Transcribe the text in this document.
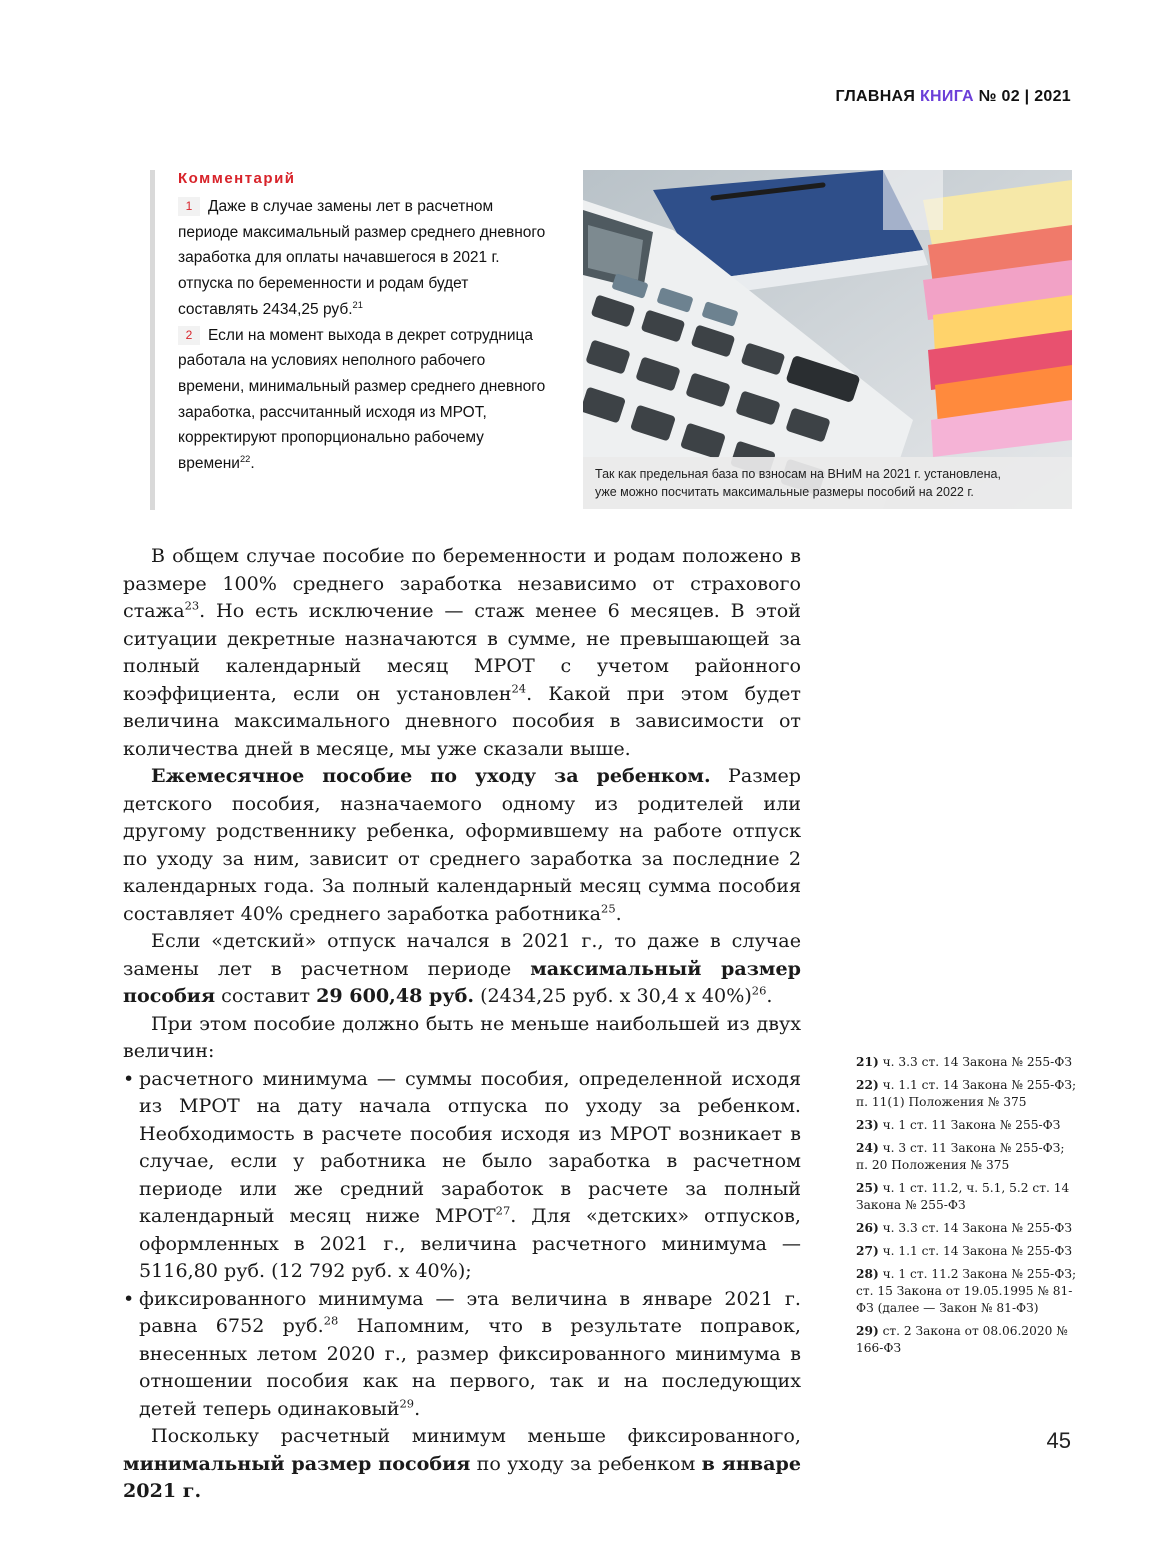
ГЛАВНАЯ КНИГА № 02 | 2021
Комментарий

1 Даже в случае замены лет в расчетном периоде максимальный размер среднего дневного заработка для оплаты начавшегося в 2021 г. отпуска по беременности и родам будет составлять 2434,25 руб.$^{21}$

2 Если на момент выхода в декрет сотрудница работала на условиях неполного рабочего времени, минимальный размер среднего дневного заработка, рассчитанный исходя из МРОТ, корректируют пропорционально рабочему времени$^{22}$.

Так как предельная база по взносам на ВНиМ на 2021 г. установлена,
уже можно посчитать максимальные размеры пособий на 2022 г.

В общем случае пособие по беременности и родам положено в размере 100% среднего заработка независимо от страхового стажа$^{23}$. Но есть исключение — стаж менее 6 месяцев. В этой ситуации декретные назначаются в сумме, не превышающей за полный календарный месяц МРОТ с учетом районного коэффициента, если он установлен$^{24}$. Какой при этом будет величина максимального дневного пособия в зависимости от количества дней в месяце, мы уже сказали выше.

Ежемесячное пособие по уходу за ребенком. Размер детского пособия, назначаемого одному из родителей или другому родственнику ребенка, оформившему на работе отпуск по уходу за ним, зависит от среднего заработка за последние 2 календарных года. За полный календарный месяц сумма пособия составляет 40% среднего заработка работника$^{25}$.

Если «детский» отпуск начался в 2021 г., то даже в случае замены лет в расчетном периоде максимальный размер пособия составит 29 600,48 руб. (2434,25 руб. х 30,4 х 40%)$^{26}$.

При этом пособие должно быть не меньше наибольшей из двух величин:

• расчетного минимума — суммы пособия, определенной исходя из МРОТ на дату начала отпуска по уходу за ребенком. Необходимость в расчете пособия исходя из МРОТ возникает в случае, если у работника не было заработка в расчетном периоде или же средний заработок в расчете за полный календарный месяц ниже МРОТ$^{27}$. Для «детских» отпусков, оформленных в 2021 г., величина расчетного минимума — 5116,80 руб. (12 792 руб. х 40%);
• фиксированного минимума — эта величина в январе 2021 г. равна 6752 руб.$^{28}$ Напомним, что в результате поправок, внесенных летом 2020 г., размер фиксированного минимума в отношении пособия как на первого, так и на последующих детей теперь одинаковый$^{29}$.

Поскольку расчетный минимум меньше фиксированного, минимальный размер пособия по уходу за ребенком в январе 2021 г.

21) ч. 3.3 ст. 14 Закона № 255-ФЗ
22) ч. 1.1 ст. 14 Закона № 255-ФЗ; п. 11(1) Положения № 375
23) ч. 1 ст. 11 Закона № 255-ФЗ
24) ч. 3 ст. 11 Закона № 255-ФЗ; п. 20 Положения № 375
25) ч. 1 ст. 11.2, ч. 5.1, 5.2 ст. 14 Закона № 255-ФЗ
26) ч. 3.3 ст. 14 Закона № 255-ФЗ
27) ч. 1.1 ст. 14 Закона № 255-ФЗ
28) ч. 1 ст. 11.2 Закона № 255-ФЗ; ст. 15 Закона от 19.05.1995 № 81-ФЗ (далее — Закон № 81-ФЗ)
29) ст. 2 Закона от 08.06.2020 № 166-ФЗ
45
